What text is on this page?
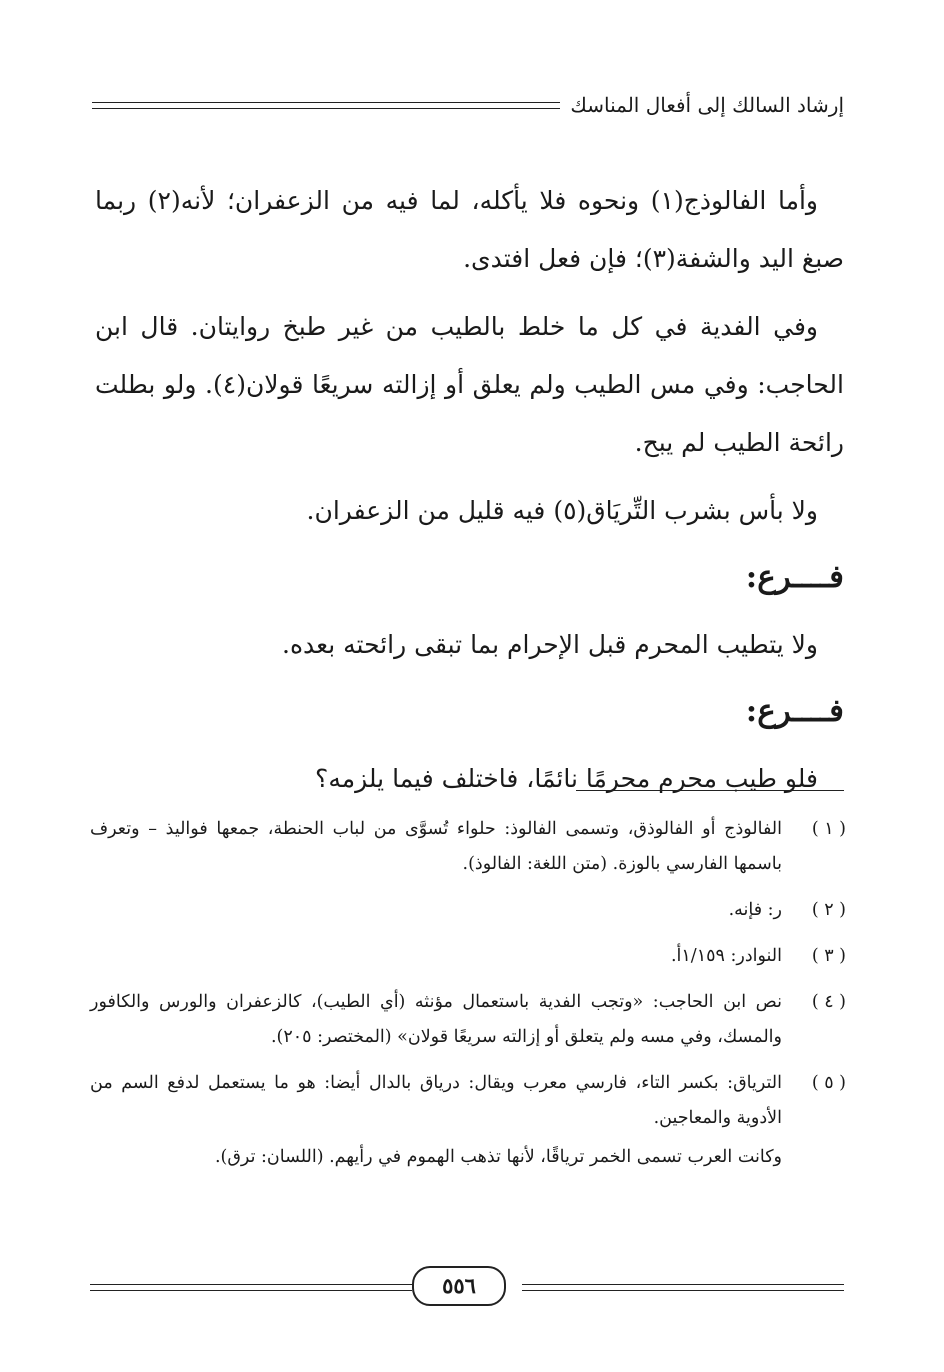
إرشاد السالك إلى أفعال المناسك

وأما الفالوذج(١) ونحوه فلا يأكله، لما فيه من الزعفران؛ لأنه(٢) ربما صبغ اليد والشفة(٣)؛ فإن فعل افتدى.

وفي الفدية في كل ما خلط بالطيب من غير طبخ روايتان. قال ابن الحاجب: وفي مس الطيب ولم يعلق أو إزالته سريعًا قولان(٤). ولو بطلت رائحة الطيب لم يبح.

ولا بأس بشرب التِّريَاق(٥) فيه قليل من الزعفران.

فــــرع:

ولا يتطيب المحرم قبل الإحرام بما تبقى رائحته بعده.

فــــرع:

فلو طيب محرم محرمًا نائمًا، فاختلف فيما يلزمه؟

( ١ )
الفالوذج أو الفالوذق، وتسمى الفالوذ: حلواء تُسوَّى من لباب الحنطة، جمعها فواليذ – وتعرف باسمها الفارسي بالوزة. (متن اللغة: الفالوذ).
( ٢ )
ر: فإنه.
( ٣ )
النوادر: ١/١٥٩أ.
( ٤ )
نص ابن الحاجب: «وتجب الفدية باستعمال مؤنثه (أي الطيب)، كالزعفران والورس والكافور والمسك، وفي مسه ولم يتعلق أو إزالته سريعًا قولان» (المختصر: ٢٠٥).
( ٥ )
الترياق: بكسر التاء، فارسي معرب ويقال: درياق بالدال أيضا: هو ما يستعمل لدفع السم من الأدوية والمعاجين.
وكانت العرب تسمى الخمر ترياقًا، لأنها تذهب الهموم في رأيهم. (اللسان: ترق).
٥٥٦
